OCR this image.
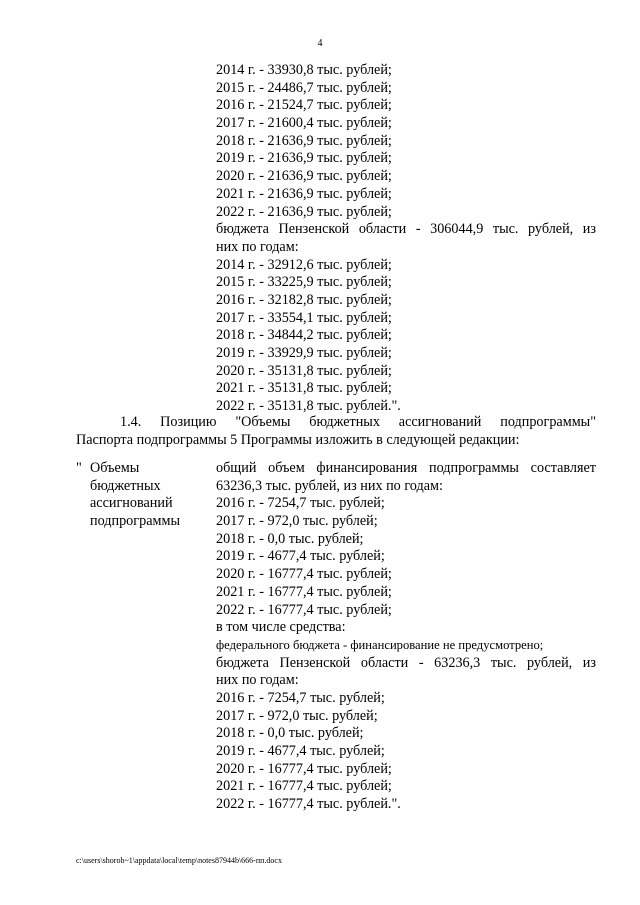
4
2014 г. - 33930,8 тыс. рублей;
2015 г. - 24486,7 тыс. рублей;
2016 г. - 21524,7 тыс. рублей;
2017 г. - 21600,4 тыс. рублей;
2018 г. - 21636,9 тыс. рублей;
2019 г. - 21636,9 тыс. рублей;
2020 г. - 21636,9 тыс. рублей;
2021 г. - 21636,9 тыс. рублей;
2022 г. - 21636,9 тыс. рублей;
бюджета Пензенской области - 306044,9 тыс. рублей, из
них по годам:
2014 г. - 32912,6 тыс. рублей;
2015 г. - 33225,9 тыс. рублей;
2016 г. - 32182,8 тыс. рублей;
2017 г. - 33554,1 тыс. рублей;
2018 г. - 34844,2 тыс. рублей;
2019 г. - 33929,9 тыс. рублей;
2020 г. - 35131,8 тыс. рублей;
2021 г. - 35131,8 тыс. рублей;
2022 г. - 35131,8 тыс. рублей.".
1.4. Позицию "Объемы бюджетных ассигнований подпрограммы"
Паспорта подпрограммы 5 Программы изложить в следующей редакции:
" Объемы
бюджетных
ассигнований
подпрограммы
общий объем финансирования подпрограммы составляет
63236,3 тыс. рублей, из них по годам:
2016 г. - 7254,7 тыс. рублей;
2017 г. - 972,0 тыс. рублей;
2018 г. - 0,0 тыс. рублей;
2019 г. - 4677,4 тыс. рублей;
2020 г. - 16777,4 тыс. рублей;
2021 г. - 16777,4 тыс. рублей;
2022 г. - 16777,4 тыс. рублей;
в том числе средства:
федерального бюджета - финансирование не предусмотрено;
бюджета Пензенской области - 63236,3 тыс. рублей, из
них по годам:
2016 г. - 7254,7 тыс. рублей;
2017 г. - 972,0 тыс. рублей;
2018 г. - 0,0 тыс. рублей;
2019 г. - 4677,4 тыс. рублей;
2020 г. - 16777,4 тыс. рублей;
2021 г. - 16777,4 тыс. рублей;
2022 г. - 16777,4 тыс. рублей.".
c:\users\shorob~1\appdata\local\temp\notes87944b\666-пп.docx
